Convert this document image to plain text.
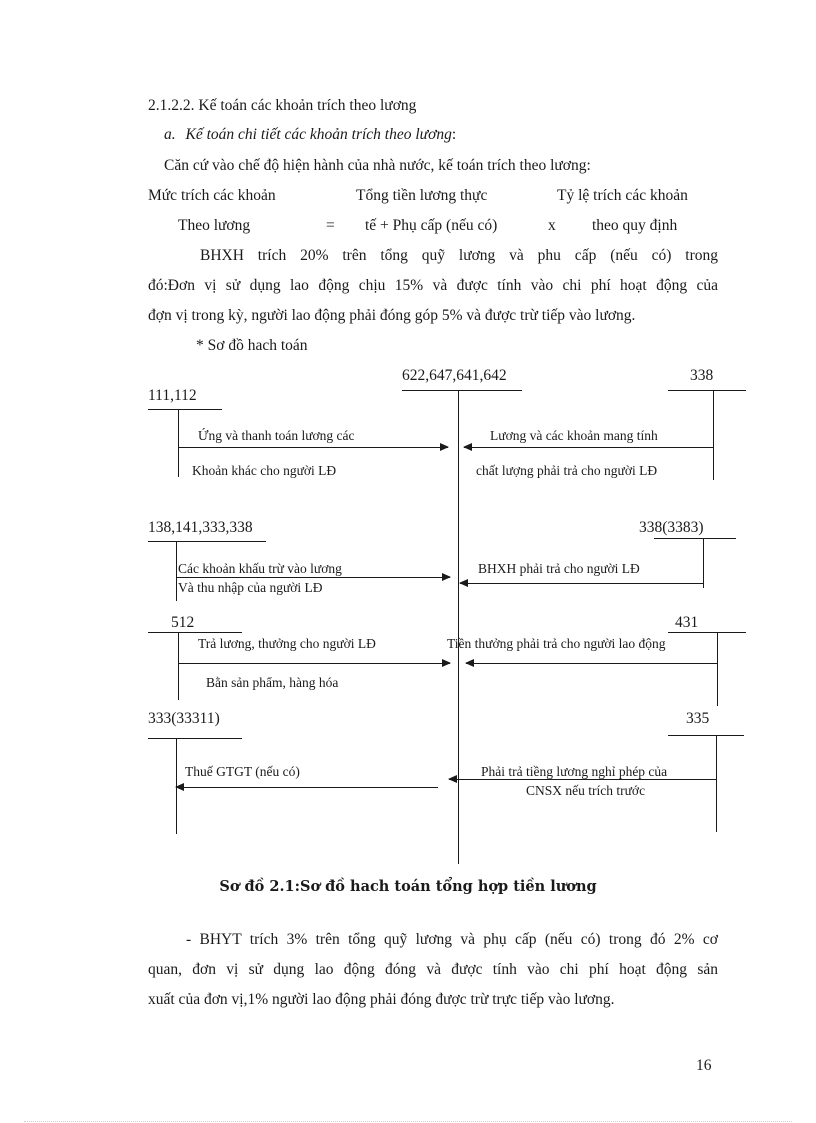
2.1.2.2. Kế toán các khoản trích theo lương
a. Kế toán chi tiết các khoản trích theo lương:
Căn cứ vào chế độ hiện hành của nhà nước, kế toán trích theo lương:
Mức trích các khoản	Tổng tiền lương thực	Tỷ lệ trích các khoản
Theo lương	= tế + Phụ cấp (nếu có)	x theo quy định
BHXH trích 20% trên tổng quỹ lương và phu cấp (nếu có) trong
đó:Đơn vị sử dụng lao động chịu 15% và được tính vào chi phí hoạt động của
đợn vị trong kỳ, người lao động phải đóng góp 5% và được trừ tiếp vào lương.
* Sơ đồ hach toán
622,647,641,642
111,112
Ứng và thanh toán lương các
Khoản khác cho người LĐ
338
Lương và các khoản mang tính
chất lượng phải trả cho người LĐ
138,141,333,338
Các khoản khấu trừ vào lương
Và thu nhập của người LĐ
338(3383)
BHXH phải trả cho người LĐ
512
Trả lương, thưởng cho người LĐ
Bằn sản phẩm, hàng hóa
431
Tiền thưởng phải trả cho người lao động
333(33311)
Thuế GTGT (nếu có)
335
Phải trả tiềng lương nghỉ phép của
CNSX nếu trích trước
Sơ đồ 2.1:Sơ đồ hach toán tổng hợp tiền lương
- BHYT trích 3% trên tổng quỹ lương và phụ cấp (nếu có) trong đó 2% cơ
quan, đơn vị sử dụng lao động đóng và được tính vào chi phí hoạt động sản
xuất của đơn vị,1% người lao động phải đóng được trừ trực tiếp vào lương.
16
